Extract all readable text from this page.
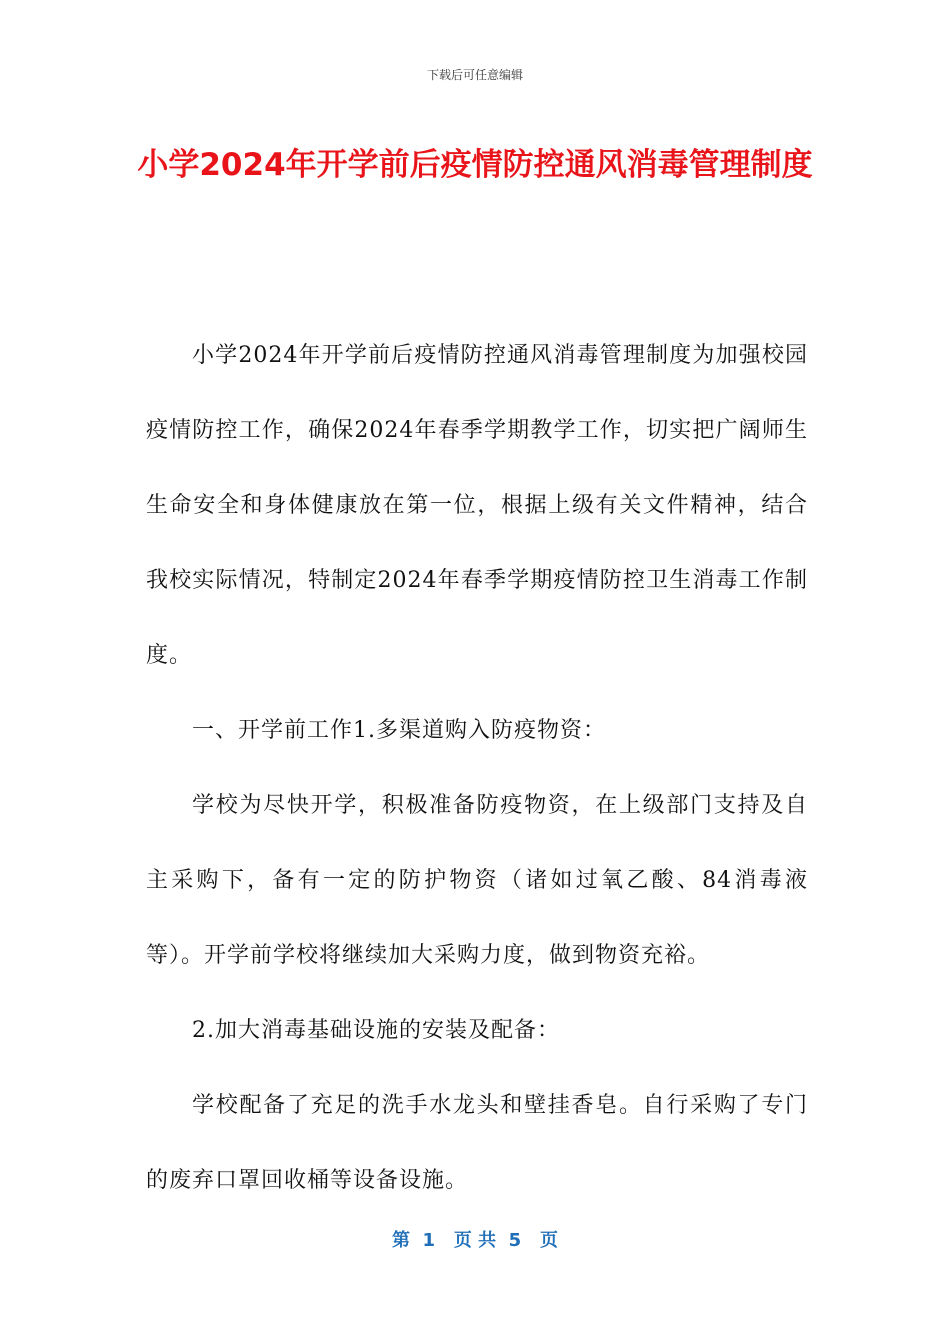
下载后可任意编辑
小学2024年开学前后疫情防控通风消毒管理制度

小学2024年开学前后疫情防控通风消毒管理制度为加强校园疫情防控工作，确保2024年春季学期教学工作，切实把广阔师生生命安全和身体健康放在第一位，根据上级有关文件精神，结合我校实际情况，特制定2024年春季学期疫情防控卫生消毒工作制度。

一、开学前工作1.多渠道购入防疫物资：

学校为尽快开学，积极准备防疫物资，在上级部门支持及自主采购下，备有一定的防护物资（诸如过氧乙酸、84消毒液等）。开学前学校将继续加大采购力度，做到物资充裕。

2.加大消毒基础设施的安装及配备：

学校配备了充足的洗手水龙头和壁挂香皂。自行采购了专门的废弃口罩回收桶等设备设施。

第  1   页 共  5   页
